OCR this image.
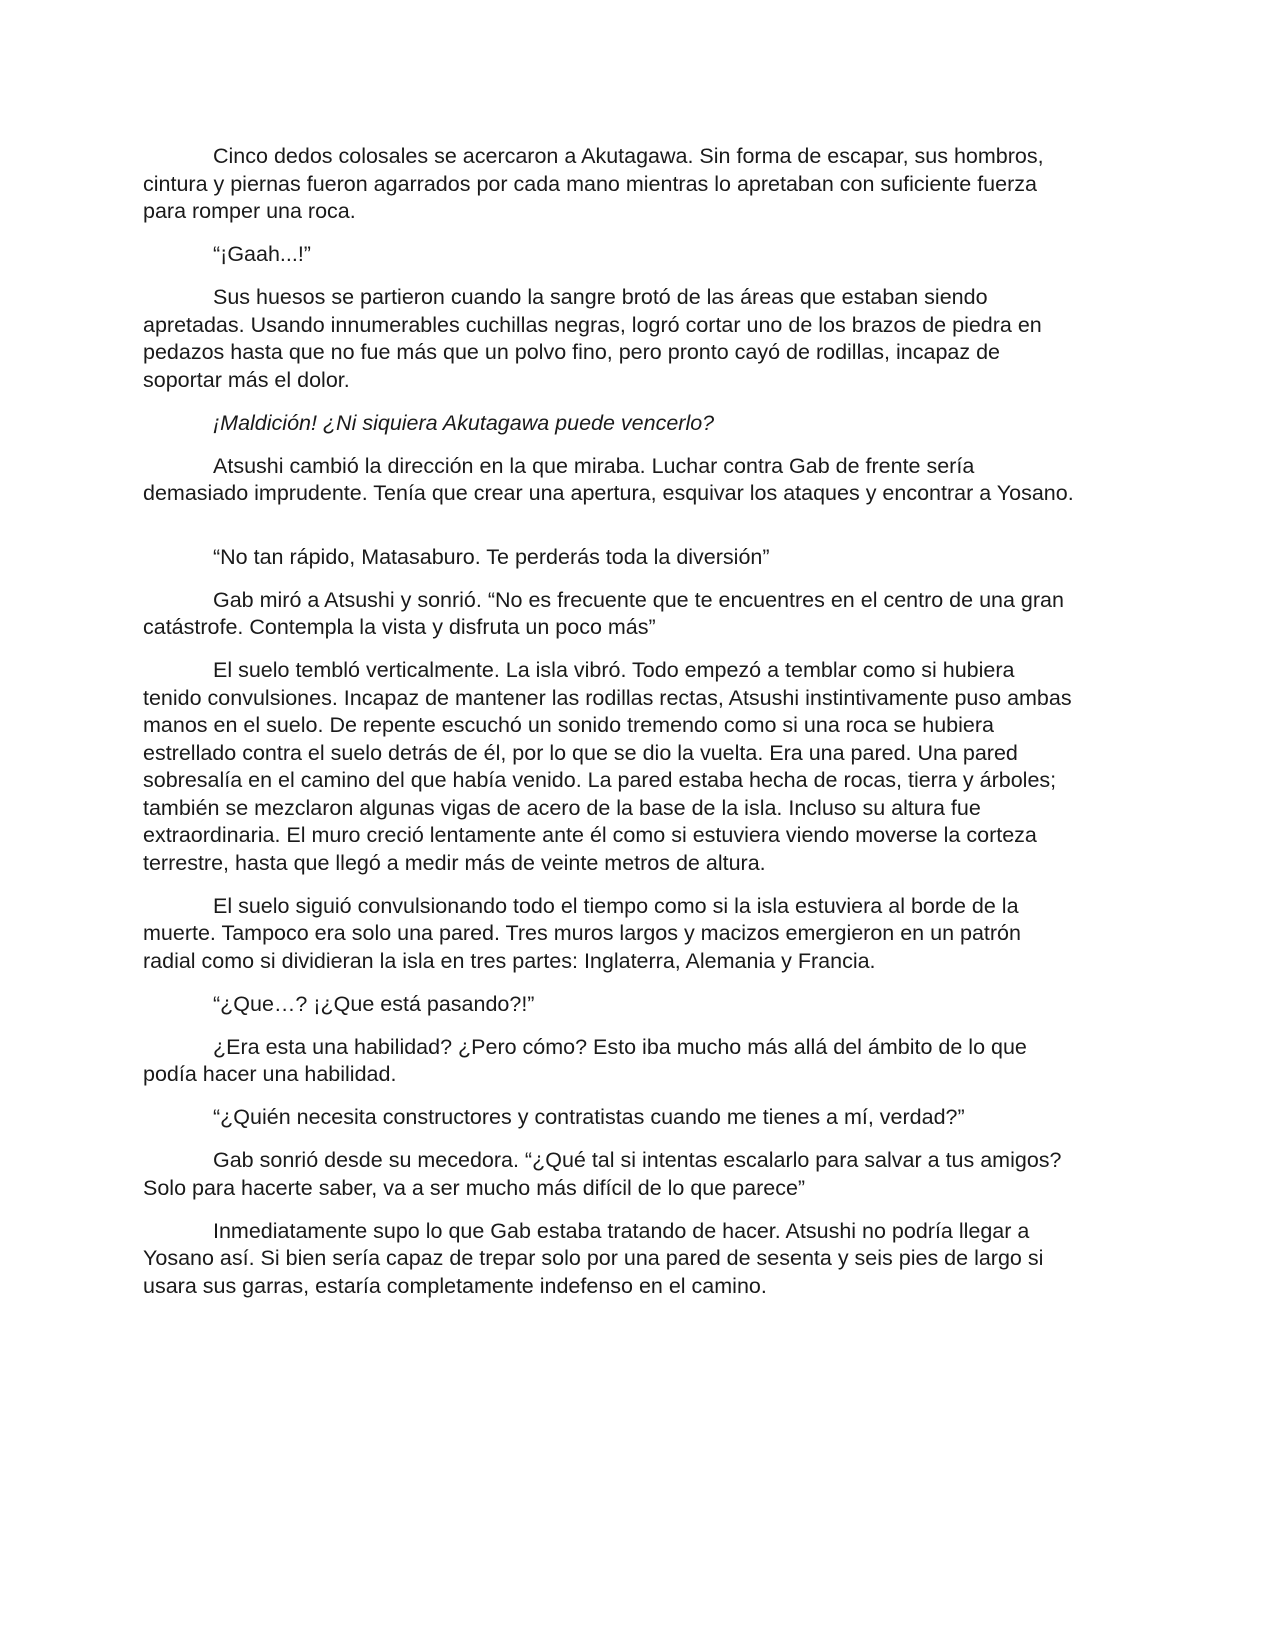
Cinco dedos colosales se acercaron a Akutagawa. Sin forma de escapar, sus hombros, cintura y piernas fueron agarrados por cada mano mientras lo apretaban con suficiente fuerza para romper una roca.

“¡Gaah...!”

Sus huesos se partieron cuando la sangre brotó de las áreas que estaban siendo apretadas. Usando innumerables cuchillas negras, logró cortar uno de los brazos de piedra en pedazos hasta que no fue más que un polvo fino, pero pronto cayó de rodillas, incapaz de soportar más el dolor.

¡Maldición! ¿Ni siquiera Akutagawa puede vencerlo?

Atsushi cambió la dirección en la que miraba. Luchar contra Gab de frente sería demasiado imprudente. Tenía que crear una apertura, esquivar los ataques y encontrar a Yosano.

“No tan rápido, Matasaburo. Te perderás toda la diversión”

Gab miró a Atsushi y sonrió. “No es frecuente que te encuentres en el centro de una gran catástrofe. Contempla la vista y disfruta un poco más”

El suelo tembló verticalmente. La isla vibró. Todo empezó a temblar como si hubiera tenido convulsiones. Incapaz de mantener las rodillas rectas, Atsushi instintivamente puso ambas manos en el suelo. De repente escuchó un sonido tremendo como si una roca se hubiera estrellado contra el suelo detrás de él, por lo que se dio la vuelta. Era una pared. Una pared sobresalía en el camino del que había venido. La pared estaba hecha de rocas, tierra y árboles; también se mezclaron algunas vigas de acero de la base de la isla. Incluso su altura fue extraordinaria. El muro creció lentamente ante él como si estuviera viendo moverse la corteza terrestre, hasta que llegó a medir más de veinte metros de altura.

El suelo siguió convulsionando todo el tiempo como si la isla estuviera al borde de la muerte. Tampoco era solo una pared. Tres muros largos y macizos emergieron en un patrón radial como si dividieran la isla en tres partes: Inglaterra, Alemania y Francia.

“¿Que…? ¡¿Que está pasando?!”

¿Era esta una habilidad? ¿Pero cómo? Esto iba mucho más allá del ámbito de lo que podía hacer una habilidad.

“¿Quién necesita constructores y contratistas cuando me tienes a mí, verdad?”

Gab sonrió desde su mecedora. “¿Qué tal si intentas escalarlo para salvar a tus amigos? Solo para hacerte saber, va a ser mucho más difícil de lo que parece”

Inmediatamente supo lo que Gab estaba tratando de hacer. Atsushi no podría llegar a Yosano así. Si bien sería capaz de trepar solo por una pared de sesenta y seis pies de largo si usara sus garras, estaría completamente indefenso en el camino.
